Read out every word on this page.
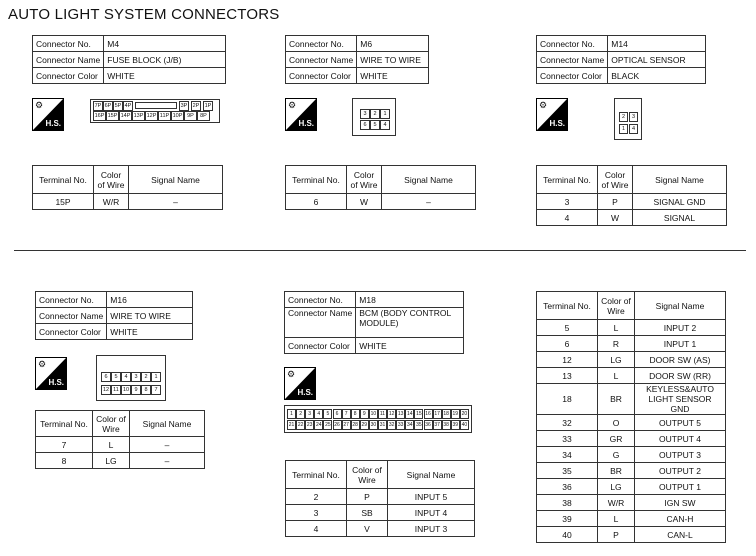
AUTO LIGHT SYSTEM CONNECTORS
Connector No.	M4
Connector Name	FUSE BLOCK (J/B)
Connector Color	WHITE
⚙
H.S.
7P 6P 5P 4P	3P 2P 1P
16P 15P 14P 13P 12P 11P 10P 9P	8P
Terminal No.	Color of Wire	Signal Name
15P	W/R	–
Connector No.	M6
Connector Name	WIRE TO WIRE
Connector Color	WHITE
⚙
H.S.
3	2	1
6	5	4
Terminal No.	Color of Wire	Signal Name
6	W	–
Connector No.	M14
Connector Name	OPTICAL SENSOR
Connector Color	BLACK
⚙
H.S.
2	3
1	4
Terminal No.	Color of Wire	Signal Name
3	P	SIGNAL GND
4	W	SIGNAL
Connector No.	M16
Connector Name	WIRE TO WIRE
Connector Color	WHITE
⚙
H.S.
6	5	4	3	2	1
12 11 10 9	8	7
Terminal No.	Color of Wire	Signal Name
7	L	–
8	LG	–
Connector No.	M18
Connector Name	BCM (BODY CONTROL MODULE)
Connector Color	WHITE
⚙
H.S.
1	2	3	4	5	6	7	8	9 10 11 12 13 14 15 16 17 18 19 20
21 22 23 24 25 26 27 28 29 30 31 32 33 34 35 36 37 38 39 40
Terminal No.	Color of Wire	Signal Name
2	P	INPUT 5
3	SB	INPUT 4
4	V	INPUT 3
Terminal No.	Color of Wire	Signal Name
5	L	INPUT 2
6	R	INPUT 1
12	LG	DOOR SW (AS)
13	L	DOOR SW (RR)
18	BR	KEYLESS&AUTO LIGHT SENSOR GND
32	O	OUTPUT 5
33	GR	OUTPUT 4
34	G	OUTPUT 3
35	BR	OUTPUT 2
36	LG	OUTPUT 1
38	W/R	IGN SW
39	L	CAN-H
40	P	CAN-L
